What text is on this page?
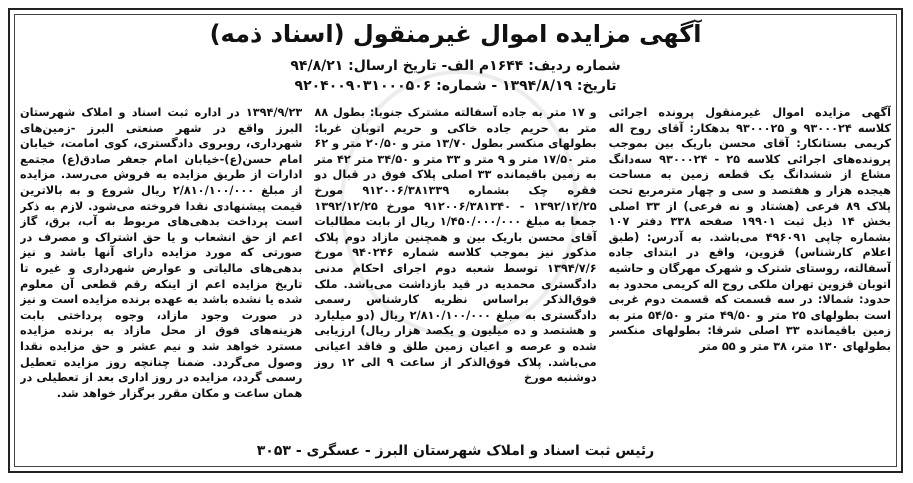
آگهی مزایده اموال غیرمنقول (اسناد ذمه)
شماره ردیف: ۱۶۴۴م الف- تاریخ ارسال: ۹۴/۸/۲۱
تاریخ: ۱۳۹۴/۸/۱۹ - شماره: ۹۲۰۴۰۰۹۰۳۱۰۰۰۵۰۶

آگهی مزایده اموال غیرمنقول پرونده اجرائی کلاسه ۹۳۰۰۰۲۴ و ۹۳۰۰۰۲۵ بدهکار: آقای روح اله کریمی بستانکار: آقای محسن باریک بین بموجب پرونده‌های اجرائی کلاسه ۲۵ - ۹۳۰۰۰۲۴ سه‌دانگ مشاع از ششدانگ یک قطعه زمین به مساحت هیجده هزار و هفتصد و سی و چهار مترمربع تحت پلاک ۸۹ فرعی (هشتاد و نه فرعی) از ۳۳ اصلی بخش ۱۴ ذیل ثبت ۱۹۹۰۱ صفحه ۳۳۸ دفتر ۱۰۷ بشماره چاپی ۴۹۶۰۹۱ می‌باشد. به آدرس: (طبق اعلام کارشناس) قزوین، واقع در ابتدای جاده آسفالته، روستای شترک و شهرک مهرگان و حاشیه اتوبان قزوین تهران ملکی روح اله کریمی محدود به حدود: شمالا: در سه قسمت که قسمت دوم غربی است بطولهای ۲۵ متر و ۴۹/۵۰ متر و ۵۴/۵۰ متر به زمین باقیمانده ۳۳ اصلی شرقا: بطولهای منکسر بطولهای ۱۳۰ متر، ۳۸ متر و ۵۵ متر

و ۱۷ متر به جاده آسفالته مشترک جنوبا: بطول ۸۸ متر به حریم جاده خاکی و حریم اتوبان غربا: بطولهای منکسر بطول ۱۳/۷۰ متر و ۲۰/۵۰ متر و ۶۲ متر ۱۷/۵۰ متر و ۹ متر و ۳۳ متر و ۳۴/۵۰ متر ۴۲ متر به زمین باقیمانده ۳۳ اصلی پلاک فوق در قبال دو فقره چک بشماره ۹۱۲۰۰۶/۳۸۱۳۳۹ مورخ ۱۳۹۲/۱۲/۲۵ - ۹۱۲۰۰۶/۳۸۱۳۴۰ مورخ ۱۳۹۲/۱۲/۲۵ جمعا به مبلغ ۱/۴۵۰/۰۰۰/۰۰۰ ریال از بابت مطالبات آقای محسن باریک بین و همچنین مازاد دوم پلاک مذکور نیز بموجب کلاسه شماره ۹۴۰۲۴۶ مورخ ۱۳۹۴/۷/۶ توسط شعبه دوم اجرای احکام مدنی دادگستری محمدیه در قید بازداشت می‌باشد. ملک فوق‌الذکر براساس نظریه کارشناس رسمی دادگستری به مبلغ ۲/۸۱۰/۱۰۰/۰۰۰ ریال (دو میلیارد و هشتصد و ده میلیون و یکصد هزار ریال) ارزیابی شده و عرصه و اعیان زمین طلق و فاقد اعیانی می‌باشد. پلاک فوق‌الذکر از ساعت ۹ الی ۱۲ روز دوشنبه مورخ

۱۳۹۴/۹/۲۳ در اداره ثبت اسناد و املاک شهرستان البرز واقع در شهر صنعتی البرز -زمین‌های شهرداری، روبروی دادگستری، کوی امامت، خیابان امام حسن(ع)-خیابان امام جعفر صادق(ع) مجتمع ادارات از طریق مزایده به فروش می‌رسد. مزایده از مبلغ ۲/۸۱۰/۱۰۰/۰۰۰ ریال شروع و به بالاترین قیمت پیشنهادی نقدا فروخته می‌شود. لازم به ذکر است پرداخت بدهی‌های مربوط به آب، برق، گاز اعم از حق انشعاب و یا حق اشتراک و مصرف در صورتی که مورد مزایده دارای آنها باشد و نیز بدهی‌های مالیاتی و عوارض شهرداری و غیره تا تاریخ مزایده اعم از اینکه رقم قطعی آن معلوم شده یا نشده باشد به عهده برنده مزایده است و نیز در صورت وجود مازاد، وجوه پرداختی بابت هزینه‌های فوق از محل مازاد به برنده مزایده مسترد خواهد شد و نیم عشر و حق مزایده نقدا وصول می‌گردد. ضمنا چنانچه روز مزایده تعطیل رسمی گردد، مزایده در روز اداری بعد از تعطیلی در همان ساعت و مکان مقرر برگزار خواهد شد.

رئیس ثبت اسناد و املاک شهرستان البرز - عسگری - ۳۰۵۳
